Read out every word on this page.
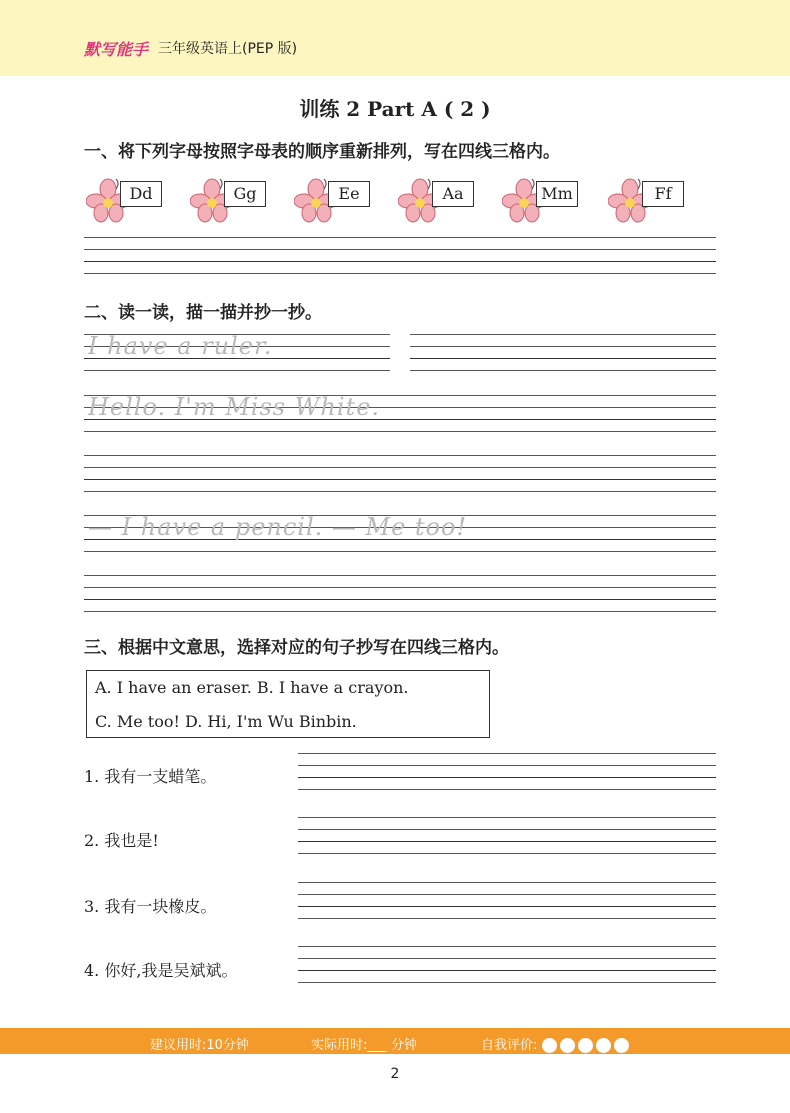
默写能手 三年级英语上(PEP 版)
训练 2 Part A ( 2 )
一、将下列字母按照字母表的顺序重新排列，写在四线三格内。
Dd	Gg	Ee	Aa	Mm	Ff
二、读一读，描一描并抄一抄。
I have a ruler.
Hello. I'm Miss White.
— I have a pencil. — Me too!
三、根据中文意思，选择对应的句子抄写在四线三格内。
A. I have an eraser. B. I have a crayon.
C. Me too! D. Hi, I'm Wu Binbin.
1. 我有一支蜡笔。
2. 我也是!
3. 我有一块橡皮。
4. 你好,我是吴斌斌。
建议用时:10分钟	实际用时:___ 分钟	自我评价:
2
